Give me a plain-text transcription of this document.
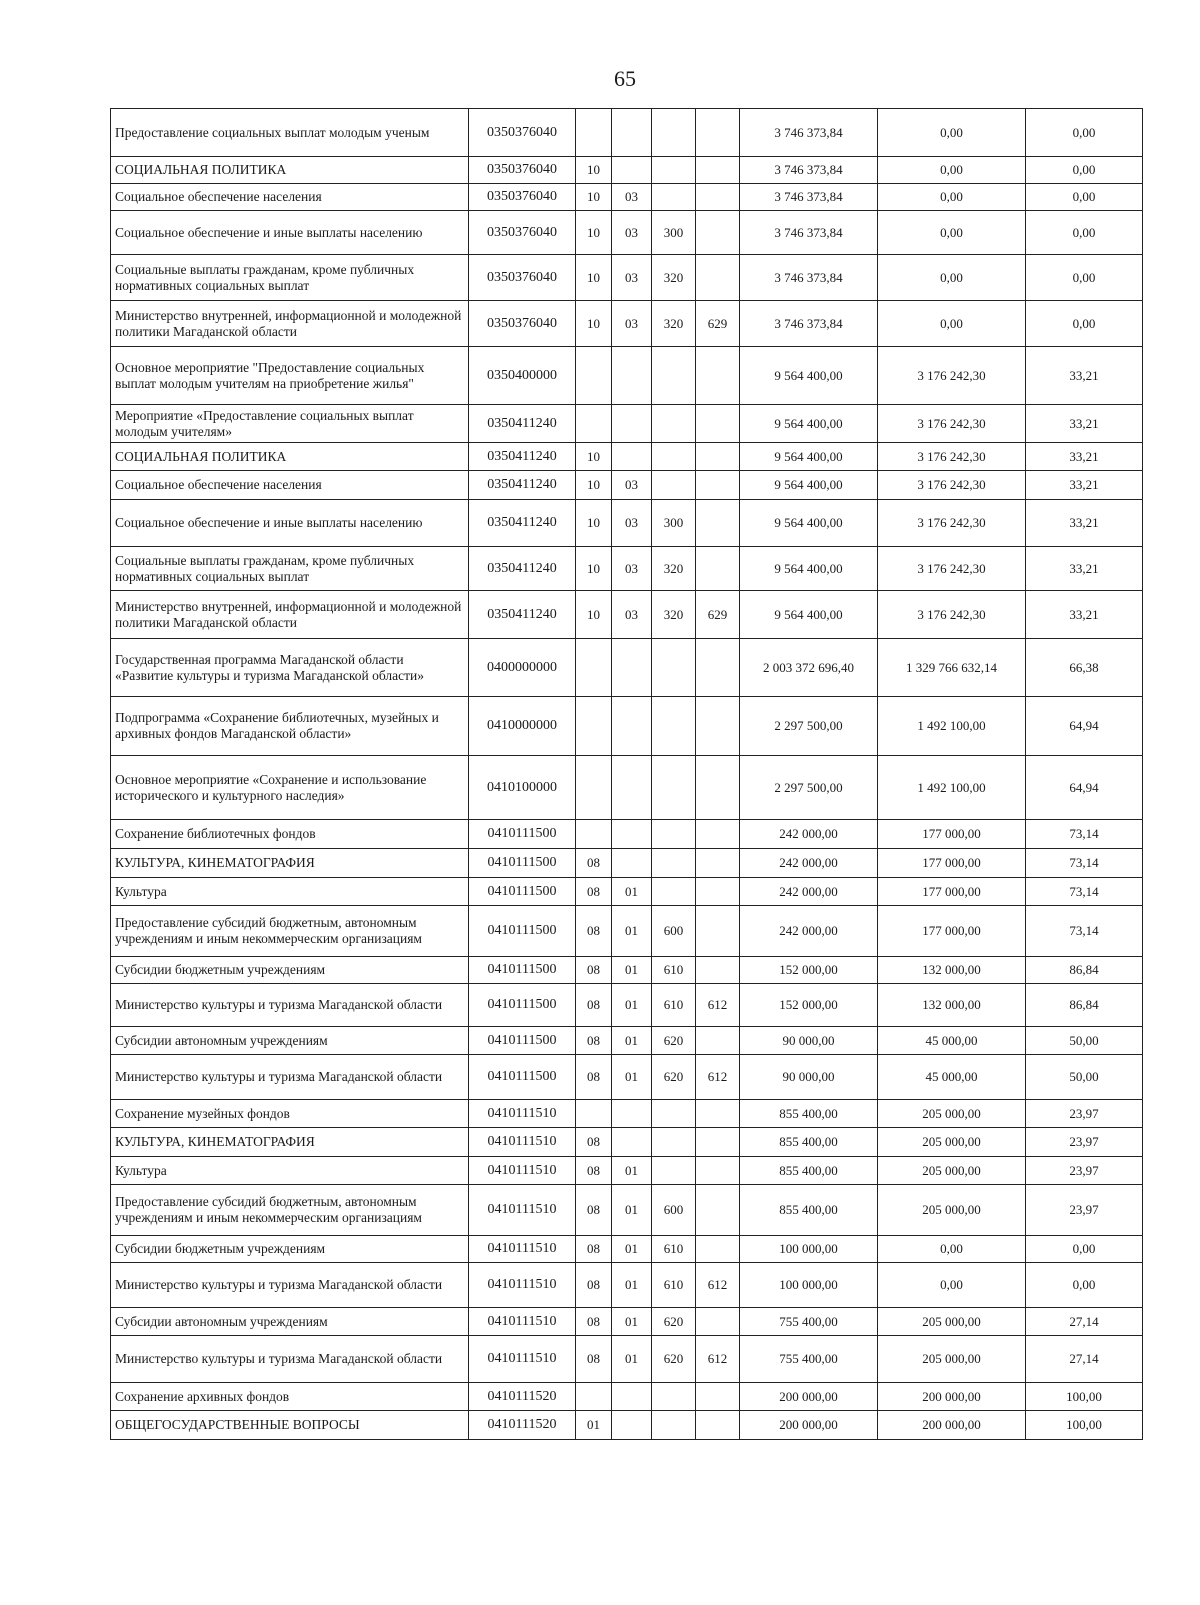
65
Предоставление социальных выплат молодым ученым	0350376040					3 746 373,84	0,00	0,00
СОЦИАЛЬНАЯ ПОЛИТИКА	0350376040	10				3 746 373,84	0,00	0,00
Социальное обеспечение населения	0350376040	10	03			3 746 373,84	0,00	0,00
Социальное обеспечение и иные выплаты населению	0350376040	10	03	300		3 746 373,84	0,00	0,00
Социальные выплаты гражданам, кроме публичных нормативных социальных выплат	0350376040	10	03	320		3 746 373,84	0,00	0,00
Министерство внутренней, информационной и молодежной политики Магаданской области	0350376040	10	03	320	629	3 746 373,84	0,00	0,00
Основное мероприятие "Предоставление социальных выплат молодым учителям на приобретение жилья"	0350400000					9 564 400,00	3 176 242,30	33,21
Мероприятие «Предоставление социальных выплат молодым учителям»	0350411240					9 564 400,00	3 176 242,30	33,21
СОЦИАЛЬНАЯ ПОЛИТИКА	0350411240	10				9 564 400,00	3 176 242,30	33,21
Социальное обеспечение населения	0350411240	10	03			9 564 400,00	3 176 242,30	33,21
Социальное обеспечение и иные выплаты населению	0350411240	10	03	300		9 564 400,00	3 176 242,30	33,21
Социальные выплаты гражданам, кроме публичных нормативных социальных выплат	0350411240	10	03	320		9 564 400,00	3 176 242,30	33,21
Министерство внутренней, информационной и молодежной политики Магаданской области	0350411240	10	03	320	629	9 564 400,00	3 176 242,30	33,21
Государственная программа Магаданской области «Развитие культуры и туризма Магаданской области»	0400000000					2 003 372 696,40	1 329 766 632,14	66,38
Подпрограмма «Сохранение библиотечных, музейных и архивных фондов Магаданской области»	0410000000					2 297 500,00	1 492 100,00	64,94
Основное мероприятие «Сохранение и использование исторического и культурного наследия»	0410100000					2 297 500,00	1 492 100,00	64,94
Сохранение библиотечных фондов	0410111500					242 000,00	177 000,00	73,14
КУЛЬТУРА, КИНЕМАТОГРАФИЯ	0410111500	08				242 000,00	177 000,00	73,14
Культура	0410111500	08	01			242 000,00	177 000,00	73,14
Предоставление субсидий бюджетным, автономным учреждениям и иным некоммерческим организациям	0410111500	08	01	600		242 000,00	177 000,00	73,14
Субсидии бюджетным учреждениям	0410111500	08	01	610		152 000,00	132 000,00	86,84
Министерство культуры и туризма Магаданской области	0410111500	08	01	610	612	152 000,00	132 000,00	86,84
Субсидии автономным учреждениям	0410111500	08	01	620		90 000,00	45 000,00	50,00
Министерство культуры и туризма Магаданской области	0410111500	08	01	620	612	90 000,00	45 000,00	50,00
Сохранение музейных фондов	0410111510					855 400,00	205 000,00	23,97
КУЛЬТУРА, КИНЕМАТОГРАФИЯ	0410111510	08				855 400,00	205 000,00	23,97
Культура	0410111510	08	01			855 400,00	205 000,00	23,97
Предоставление субсидий бюджетным, автономным учреждениям и иным некоммерческим организациям	0410111510	08	01	600		855 400,00	205 000,00	23,97
Субсидии бюджетным учреждениям	0410111510	08	01	610		100 000,00	0,00	0,00
Министерство культуры и туризма Магаданской области	0410111510	08	01	610	612	100 000,00	0,00	0,00
Субсидии автономным учреждениям	0410111510	08	01	620		755 400,00	205 000,00	27,14
Министерство культуры и туризма Магаданской области	0410111510	08	01	620	612	755 400,00	205 000,00	27,14
Сохранение архивных фондов	0410111520					200 000,00	200 000,00	100,00
ОБЩЕГОСУДАРСТВЕННЫЕ ВОПРОСЫ	0410111520	01				200 000,00	200 000,00	100,00
